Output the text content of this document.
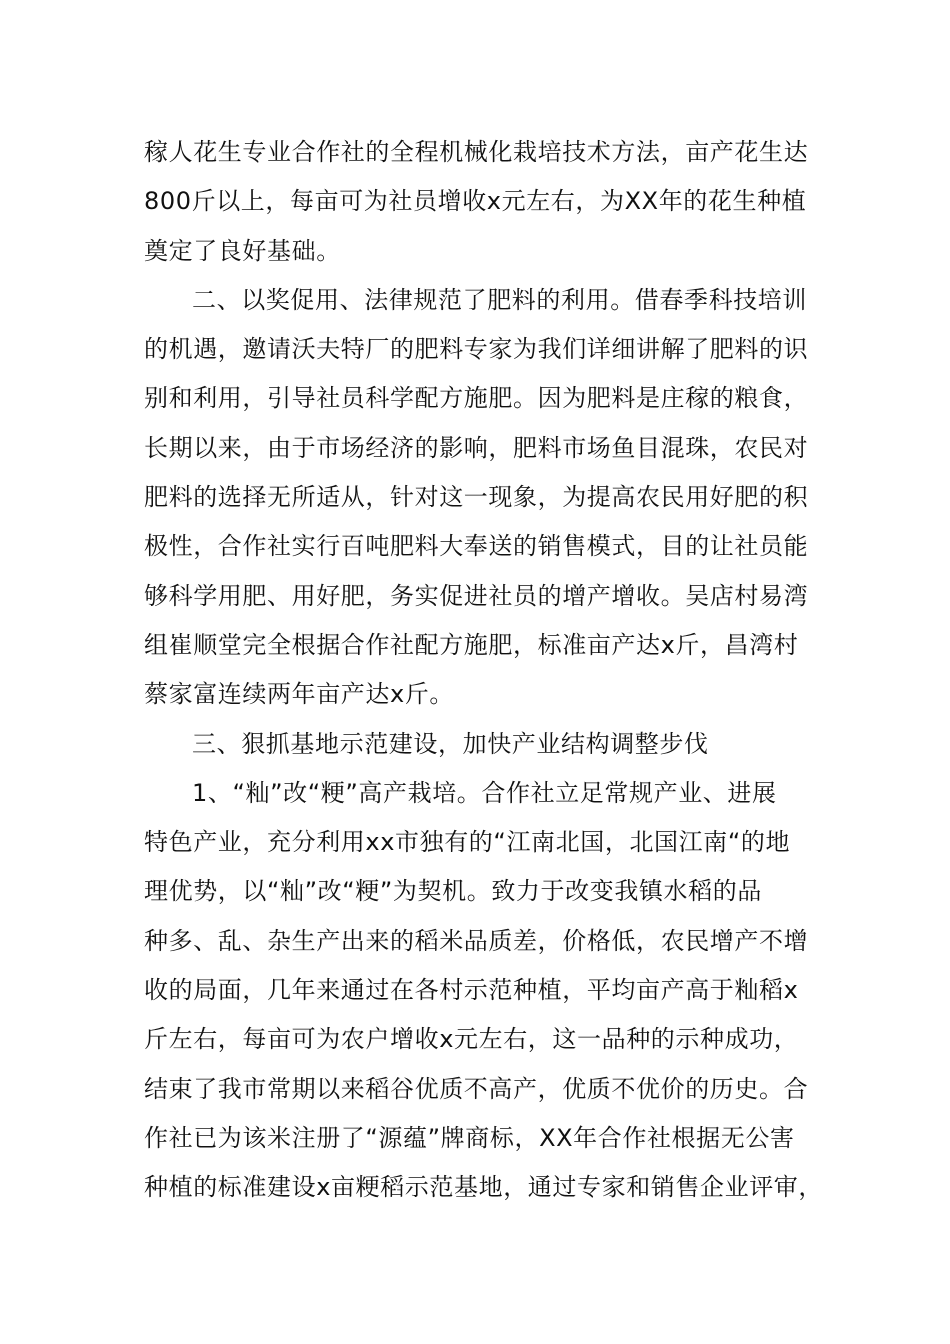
稼人花生专业合作社的全程机械化栽培技术方法，亩产花生达
800斤以上，每亩可为社员增收x元左右，为XX年的花生种植
奠定了良好基础。
二、以奖促用、法律规范了肥料的利用。借春季科技培训
的机遇，邀请沃夫特厂的肥料专家为我们详细讲解了肥料的识
别和利用，引导社员科学配方施肥。因为肥料是庄稼的粮食，
长期以来，由于市场经济的影响，肥料市场鱼目混珠，农民对
肥料的选择无所适从，针对这一现象，为提高农民用好肥的积
极性，合作社实行百吨肥料大奉送的销售模式，目的让社员能
够科学用肥、用好肥，务实促进社员的增产增收。吴店村易湾
组崔顺堂完全根据合作社配方施肥，标准亩产达x斤，昌湾村
蔡家富连续两年亩产达x斤。
三、狠抓基地示范建设，加快产业结构调整步伐
1、“籼”改“粳”高产栽培。合作社立足常规产业、进展
特色产业，充分利用xx市独有的“江南北国，北国江南“的地
理优势，以“籼”改“粳”为契机。致力于改变我镇水稻的品
种多、乱、杂生产出来的稻米品质差，价格低，农民增产不增
收的局面，几年来通过在各村示范种植，平均亩产高于籼稻x
斤左右，每亩可为农户增收x元左右，这一品种的示种成功，
结束了我市常期以来稻谷优质不高产，优质不优价的历史。合
作社已为该米注册了“源蕴”牌商标，XX年合作社根据无公害
种植的标准建设x亩粳稻示范基地，通过专家和销售企业评审，
